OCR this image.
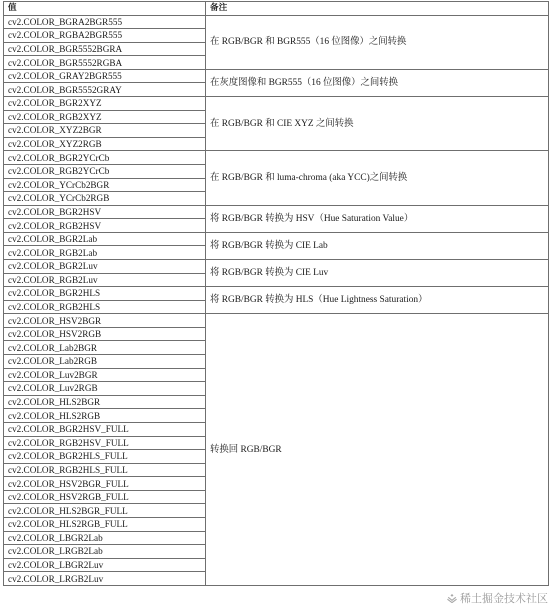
值	备注
cv2.COLOR_BGRA2BGR555	在 RGB/BGR 和 BGR555（16 位图像）之间转换
cv2.COLOR_RGBA2BGR555	
cv2.COLOR_BGR5552BGRA	
cv2.COLOR_BGR5552RGBA	
cv2.COLOR_GRAY2BGR555	在灰度图像和 BGR555（16 位图像）之间转换
cv2.COLOR_BGR5552GRAY	
cv2.COLOR_BGR2XYZ	在 RGB/BGR 和 CIE XYZ 之间转换
cv2.COLOR_RGB2XYZ	
cv2.COLOR_XYZ2BGR	
cv2.COLOR_XYZ2RGB	
cv2.COLOR_BGR2YCrCb	在 RGB/BGR 和 luma-chroma (aka YCC)之间转换
cv2.COLOR_RGB2YCrCb	
cv2.COLOR_YCrCb2BGR	
cv2.COLOR_YCrCb2RGB	
cv2.COLOR_BGR2HSV	将 RGB/BGR 转换为 HSV（Hue Saturation Value）
cv2.COLOR_RGB2HSV	
cv2.COLOR_BGR2Lab	将 RGB/BGR 转换为 CIE Lab
cv2.COLOR_RGB2Lab	
cv2.COLOR_BGR2Luv	将 RGB/BGR 转换为 CIE Luv
cv2.COLOR_RGB2Luv	
cv2.COLOR_BGR2HLS	将 RGB/BGR 转换为 HLS（Hue Lightness Saturation）
cv2.COLOR_RGB2HLS	
cv2.COLOR_HSV2BGR	转换回 RGB/BGR
cv2.COLOR_HSV2RGB	
cv2.COLOR_Lab2BGR	
cv2.COLOR_Lab2RGB	
cv2.COLOR_Luv2BGR	
cv2.COLOR_Luv2RGB	
cv2.COLOR_HLS2BGR	
cv2.COLOR_HLS2RGB	
cv2.COLOR_BGR2HSV_FULL	
cv2.COLOR_RGB2HSV_FULL	
cv2.COLOR_BGR2HLS_FULL	
cv2.COLOR_RGB2HLS_FULL	
cv2.COLOR_HSV2BGR_FULL	
cv2.COLOR_HSV2RGB_FULL	
cv2.COLOR_HLS2BGR_FULL	
cv2.COLOR_HLS2RGB_FULL	
cv2.COLOR_LBGR2Lab	
cv2.COLOR_LRGB2Lab	
cv2.COLOR_LBGR2Luv	
cv2.COLOR_LRGB2Luv	
稀土掘金技术社区
